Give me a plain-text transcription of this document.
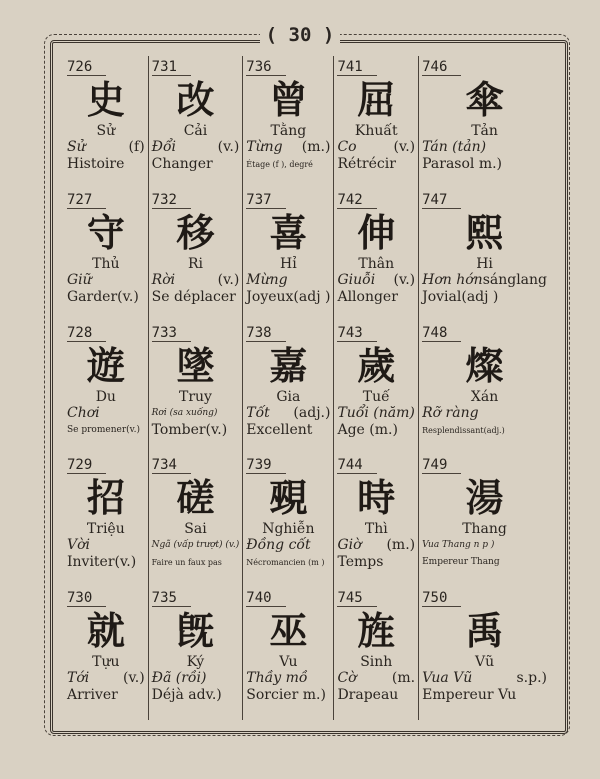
( 30 )
726
史
Sử
Sử	(f)
Histoire
731
改
Cải
Đổi	(v.)
Changer
736
曾
Tằng
Từng (m.)
Étage (f ), degré
741
屈
Khuất
Co	(v.)
Rétrécir
746
傘
Tản
Tán (tản)
Parasol m.)
727
守
Thủ
Giữ
Garder(v.)
732
移
Ri
Rời	(v.)
Se déplacer
737
喜
Hỉ
Mừng
Joyeux(adj )
742
伸
Thân
Giuỗi (v.)
Allonger
747
熙
Hi
Hơn hớn sánglang
Jovial(adj )
728
遊
Du
Chơi
Se promener(v.)
733
墜
Truy
Rơi (sa xuống)
Tomber(v.)
738
嘉
Gia
Tốt (adj.)
Excellent
743
歲
Tuế
Tuổi (năm)
Age (m.)
748
燦
Xán
Rỡ ràng
Resplendissant(adj.)
729
招
Triệu
Vời
Inviter(v.)
734
磋
Sai
Ngã (vấp trượt) (v.)
Faire un faux pas
739
覡
Nghiễn
Đồng cốt
Nécromancien (m )
744
時
Thì
Giờ (m.)
Temps
749
湯
Thang
Vua Thang n p )
Empereur Thang
730
就
Tựu
Tới (v.)
Arriver
735
旣
Ký
Đã (rồi)
Déjà adv.)
740
巫
Vu
Thầy mồ
Sorcier m.)
745
旌
Sinh
Cờ	(m.
Drapeau
750
禹
Vũ
Vua Vũ	s.p.)
Empereur Vu
